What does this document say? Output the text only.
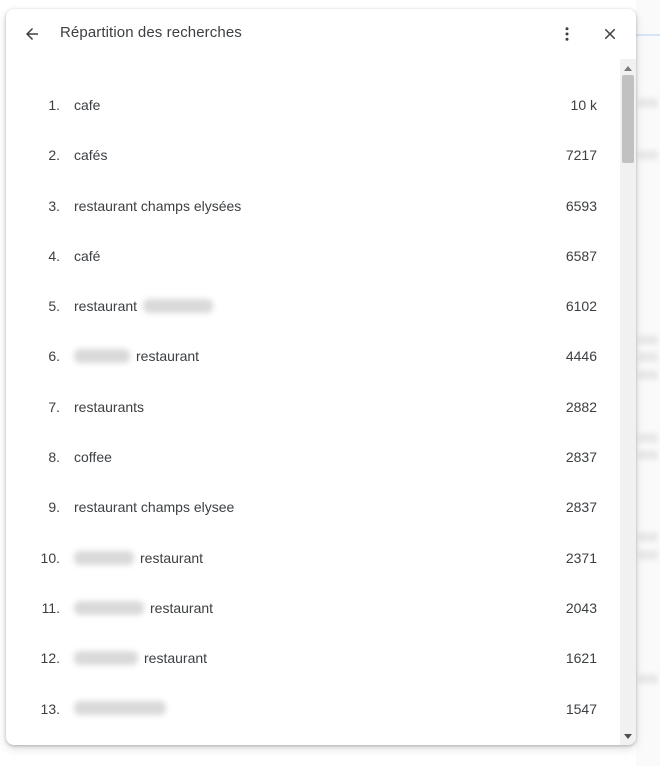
Répartition des recherches
1. cafe	10 k
2. cafés	7217
3. restaurant champs elysées	6593
4. café	6587
5. restaurant	6102
6.	restaurant	4446
7. restaurants	2882
8. coffee	2837
9. restaurant champs elysee	2837
10.	restaurant	2371
11.	restaurant	2043
12.	restaurant	1621
13.	1547
